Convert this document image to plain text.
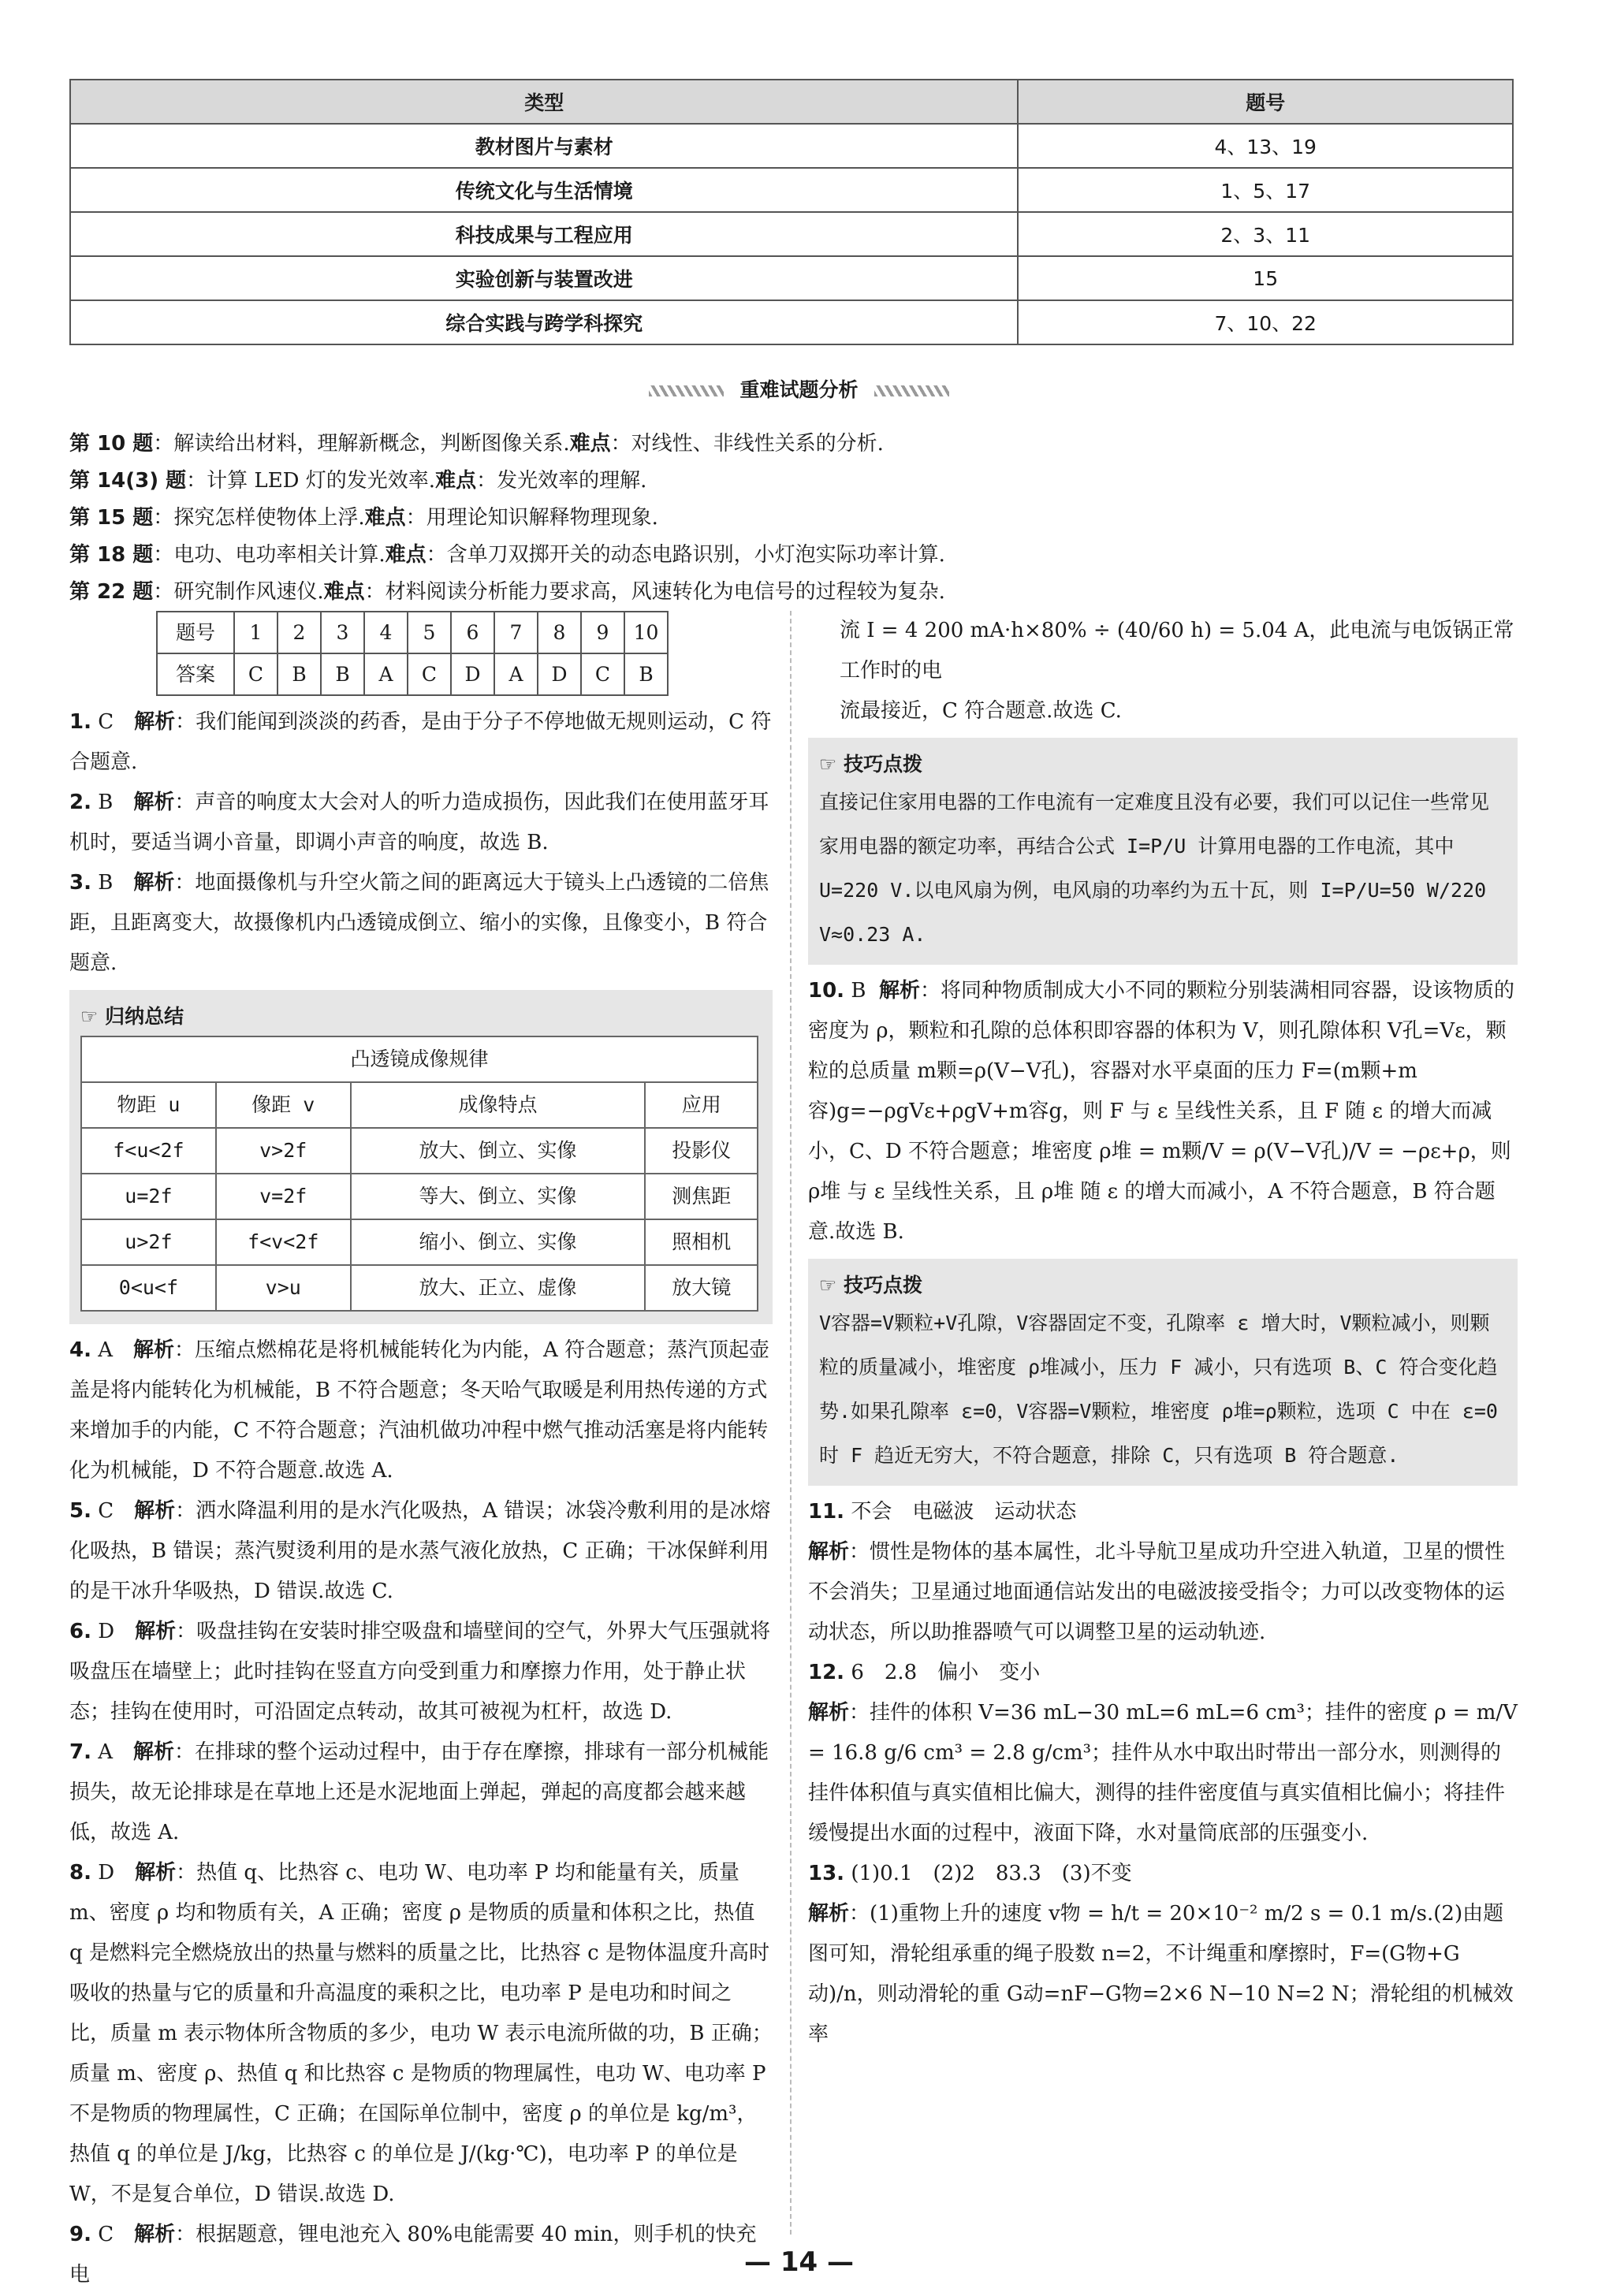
类型	题号
教材图片与素材	4、13、19
传统文化与生活情境	1、5、17
科技成果与工程应用	2、3、11
实验创新与装置改进	15
综合实践与跨学科探究	7、10、22
重难试题分析
第 10 题：解读给出材料，理解新概念，判断图像关系.难点：对线性、非线性关系的分析.
第 14(3) 题：计算 LED 灯的发光效率.难点：发光效率的理解.
第 15 题：探究怎样使物体上浮.难点：用理论知识解释物理现象.
第 18 题：电功、电功率相关计算.难点：含单刀双掷开关的动态电路识别，小灯泡实际功率计算.
第 22 题：研究制作风速仪.难点：材料阅读分析能力要求高，风速转化为电信号的过程较为复杂.
题号	1	2	3	4	5	6	7	8	9	10
答案	C	B	B	A	C	D	A	D	C	B
1. C　 解析：我们能闻到淡淡的药香，是由于分子不停地做无规则运动，C 符合题意.
2. B　 解析：声音的响度太大会对人的听力造成损伤，因此我们在使用蓝牙耳机时，要适当调小音量，即调小声音的响度，故选 B.
3. B　 解析：地面摄像机与升空火箭之间的距离远大于镜头上凸透镜的二倍焦距，且距离变大，故摄像机内凸透镜成倒立、缩小的实像，且像变小，B 符合题意.
☞ 归纳总结
凸透镜成像规律			
物距 u	像距 v	成像特点	应用
f<u<2f	v>2f	放大、倒立、实像	投影仪
u=2f	v=2f	等大、倒立、实像	测焦距
u>2f	f<v<2f	缩小、倒立、实像	照相机
0<u<f	v>u	放大、正立、虚像	放大镜
4. A　 解析：压缩点燃棉花是将机械能转化为内能，A 符合题意；蒸汽顶起壶盖是将内能转化为机械能，B 不符合题意；冬天哈气取暖是利用热传递的方式来增加手的内能，C 不符合题意；汽油机做功冲程中燃气推动活塞是将内能转化为机械能，D 不符合题意.故选 A.
5. C　 解析：洒水降温利用的是水汽化吸热，A 错误；冰袋冷敷利用的是冰熔化吸热，B 错误；蒸汽熨烫利用的是水蒸气液化放热，C 正确；干冰保鲜利用的是干冰升华吸热，D 错误.故选 C.
6. D　 解析：吸盘挂钩在安装时排空吸盘和墙壁间的空气，外界大气压强就将吸盘压在墙壁上；此时挂钩在竖直方向受到重力和摩擦力作用，处于静止状态；挂钩在使用时，可沿固定点转动，故其可被视为杠杆，故选 D.
7. A　 解析：在排球的整个运动过程中，由于存在摩擦，排球有一部分机械能损失，故无论排球是在草地上还是水泥地面上弹起，弹起的高度都会越来越低，故选 A.
8. D　 解析：热值 q、比热容 c、电功 W、电功率 P 均和能量有关，质量 m、密度 ρ 均和物质有关，A 正确；密度 ρ 是物质的质量和体积之比，热值 q 是燃料完全燃烧放出的热量与燃料的质量之比，比热容 c 是物体温度升高时吸收的热量与它的质量和升高温度的乘积之比，电功率 P 是电功和时间之比，质量 m 表示物体所含物质的多少，电功 W 表示电流所做的功，B 正确；质量 m、密度 ρ、热值 q 和比热容 c 是物质的物理属性，电功 W、电功率 P 不是物质的物理属性，C 正确；在国际单位制中，密度 ρ 的单位是 kg/m³，热值 q 的单位是 J/kg，比热容 c 的单位是 J/(kg·℃)，电功率 P 的单位是 W，不是复合单位，D 错误.故选 D.
9. C　 解析：根据题意，锂电池充入 80%电能需要 40 min，则手机的快充电
流 I = 4 200 mA·h×80% ÷ (40/60 h) = 5.04 A，此电流与电饭锅正常工作时的电
流最接近，C 符合题意.故选 C.
☞ 技巧点拨
直接记住家用电器的工作电流有一定难度且没有必要，我们可以记住一些常见家用电器的额定功率，再结合公式 I=P/U 计算用电器的工作电流，其中 U=220 V.以电风扇为例，电风扇的功率约为五十瓦，则 I=P/U=50 W/220 V≈0.23 A.
10. B 解析：将同种物质制成大小不同的颗粒分别装满相同容器，设该物质的密度为 ρ，颗粒和孔隙的总体积即容器的体积为 V，则孔隙体积 V孔=Vε，颗粒的总质量 m颗=ρ(V−V孔)，容器对水平桌面的压力 F=(m颗+m容)g=−ρgVε+ρgV+m容g，则 F 与 ε 呈线性关系，且 F 随 ε 的增大而减小，C、D 不符合题意；堆密度 ρ堆 = m颗/V = ρ(V−V孔)/V = −ρε+ρ，则 ρ堆 与 ε 呈线性关系，且 ρ堆 随 ε 的增大而减小，A 不符合题意，B 符合题意.故选 B.
☞ 技巧点拨
V容器=V颗粒+V孔隙，V容器固定不变，孔隙率 ε 增大时，V颗粒减小，则颗粒的质量减小，堆密度 ρ堆减小，压力 F 减小，只有选项 B、C 符合变化趋势.如果孔隙率 ε=0，V容器=V颗粒，堆密度 ρ堆=ρ颗粒，选项 C 中在 ε=0 时 F 趋近无穷大，不符合题意，排除 C，只有选项 B 符合题意.
11. 不会　电磁波　运动状态
解析：惯性是物体的基本属性，北斗导航卫星成功升空进入轨道，卫星的惯性不会消失；卫星通过地面通信站发出的电磁波接受指令；力可以改变物体的运动状态，所以助推器喷气可以调整卫星的运动轨迹.
12. 6　2.8　偏小　变小
解析：挂件的体积 V=36 mL−30 mL=6 mL=6 cm³；挂件的密度 ρ = m/V = 16.8 g/6 cm³ = 2.8 g/cm³；挂件从水中取出时带出一部分水，则测得的挂件体积值与真实值相比偏大，测得的挂件密度值与真实值相比偏小；将挂件缓慢提出水面的过程中，液面下降，水对量筒底部的压强变小.
13. (1)0.1　(2)2　83.3　(3)不变
解析：(1)重物上升的速度 v物 = h/t = 20×10⁻² m/2 s = 0.1 m/s.(2)由题图可知，滑轮组承重的绳子股数 n=2，不计绳重和摩擦时，F=(G物+G动)/n，则动滑轮的重 G动=nF−G物=2×6 N−10 N=2 N；滑轮组的机械效率
— 14 —
